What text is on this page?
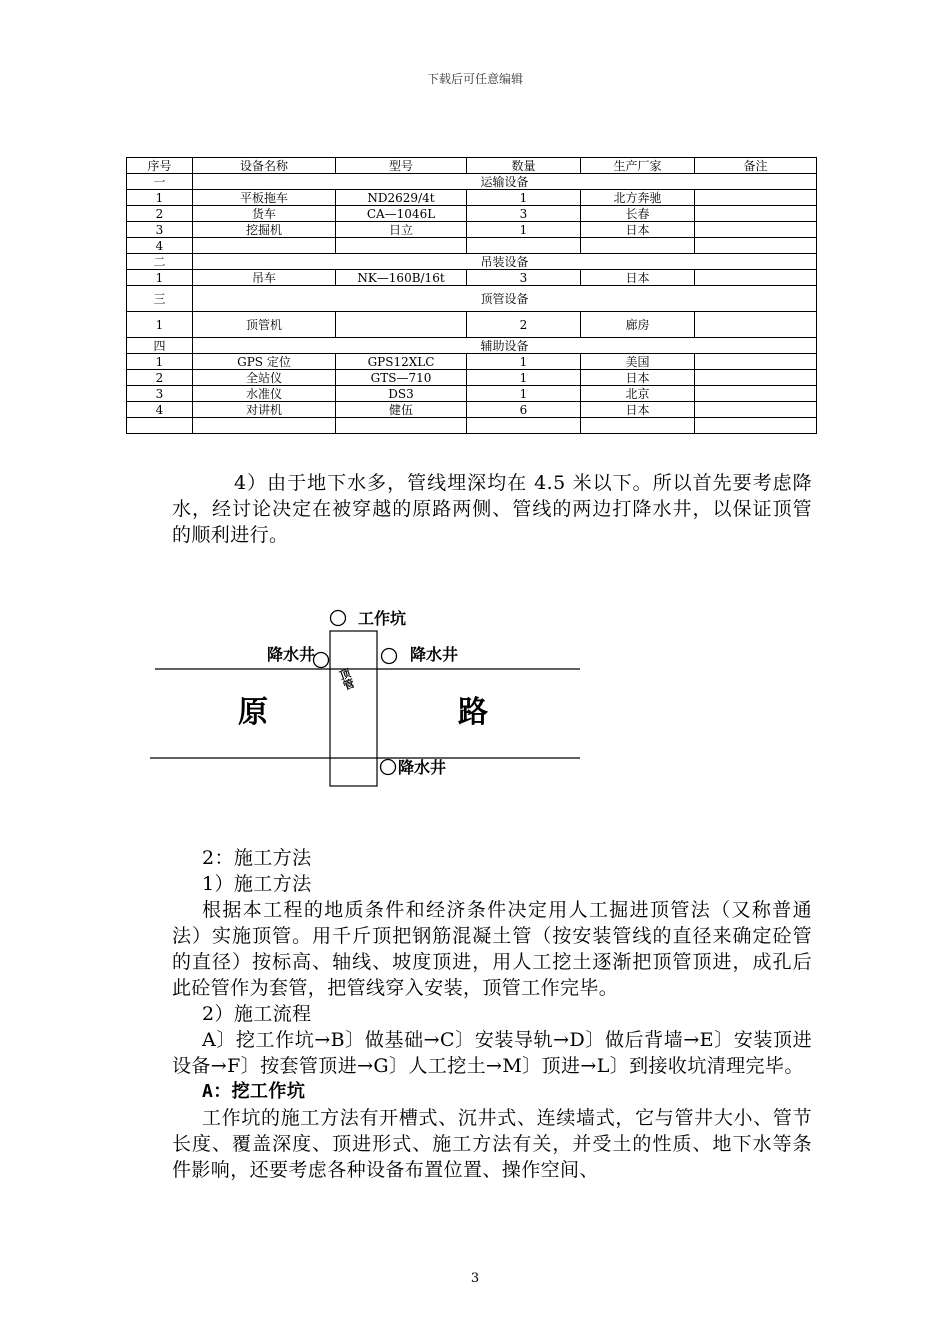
下载后可任意编辑
序号	设备名称	型号	数量	生产厂家	备注
一	运输设备				
1	平板拖车	ND2629/4t	1	北方奔驰	
2	货车	CA—1046L	3	长春	
3	挖掘机	日立	1	日本	
4					
二	吊装设备				
1	吊车	NK—160B/16t	3	日本	
三	顶管设备				
1	顶管机		2	廊房	
四	辅助设备				
1	GPS 定位	GPS12XLC	1	美国	
2	全站仪	GTS—710	1	日本	
3	水准仪	DS3	1	北京	
4	对讲机	健伍	6	日本	

4）由于地下水多，管线埋深均在 4.5 米以下。所以首先要考虑降水，经讨论决定在被穿越的原路两侧、管线的两边打降水井，以保证顶管的顺利进行。

工作坑
降水井	降水井
降水井
原	路
顶管

2：施工方法

1）施工方法

根据本工程的地质条件和经济条件决定用人工掘进顶管法（又称普通法）实施顶管。用千斤顶把钢筋混凝土管（按安装管线的直径来确定砼管的直径）按标高、轴线、坡度顶进，用人工挖土逐渐把顶管顶进，成孔后此砼管作为套管，把管线穿入安装，顶管工作完毕。

2）施工流程

A〕挖工作坑→B〕做基础→C〕安装导轨→D〕做后背墙→E〕安装顶进设备→F〕按套管顶进→G〕人工挖土→M〕顶进→L〕到接收坑清理完毕。

A：挖工作坑

工作坑的施工方法有开槽式、沉井式、连续墙式，它与管井大小、管节长度、覆盖深度、顶进形式、施工方法有关，并受土的性质、地下水等条件影响，还要考虑各种设备布置位置、操作空间、

3
